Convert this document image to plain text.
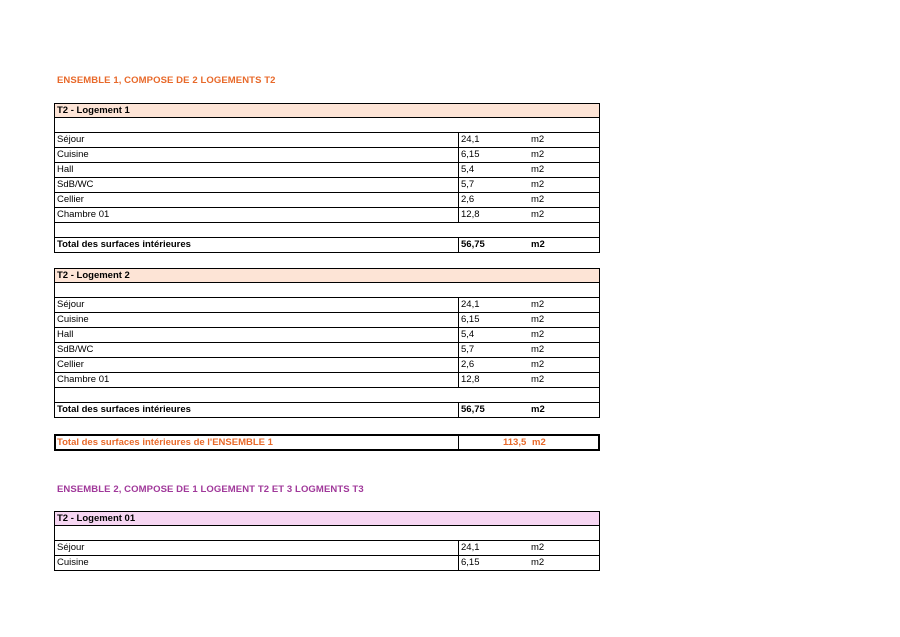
ENSEMBLE 1, COMPOSE DE 2 LOGEMENTS T2
T2 - Logement 1
Séjour	24,1	m2
Cuisine	6,15	m2
Hall	5,4	m2
SdB/WC	5,7	m2
Cellier	2,6	m2
Chambre 01	12,8	m2
Total des surfaces intérieures	56,75	m2
T2 - Logement 2
Séjour	24,1	m2
Cuisine	6,15	m2
Hall	5,4	m2
SdB/WC	5,7	m2
Cellier	2,6	m2
Chambre 01	12,8	m2
Total des surfaces intérieures	56,75	m2
Total des surfaces intérieures de l'ENSEMBLE 1	113,5 m2
ENSEMBLE 2, COMPOSE DE 1 LOGEMENT T2 ET 3 LOGMENTS T3
T2 - Logement 01
Séjour	24,1	m2
Cuisine	6,15	m2
